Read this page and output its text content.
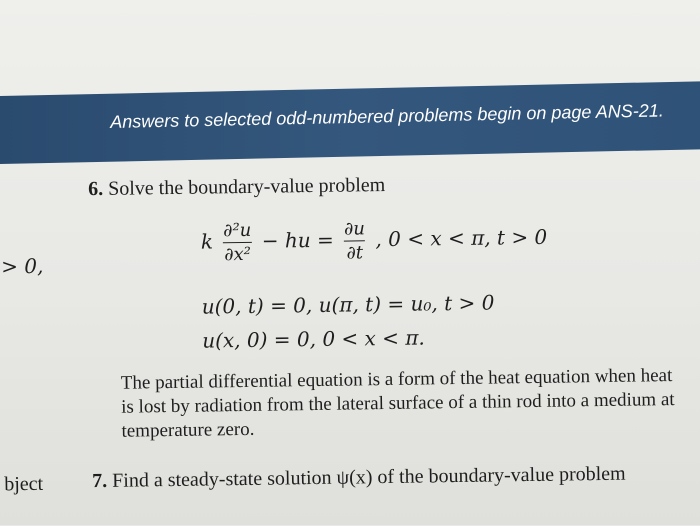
Answers to selected odd-numbered problems begin on page ANS-21.
6. Solve the boundary-value problem
> 0,
k $\frac{\text{∂²u}}{\text{∂x²}}$ − hu = $\frac{\partial u}{\partial t}$ , 0 < x < π, t > 0
u(0, t) = 0, u(π, t) = u₀, t > 0
u(x, 0) = 0, 0 < x < π.
The partial differential equation is a form of the heat equation when heat is lost by radiation from the lateral surface of a thin rod into a medium at temperature zero.
bject 7. Find a steady-state solution ψ(x) of the boundary-value problem
